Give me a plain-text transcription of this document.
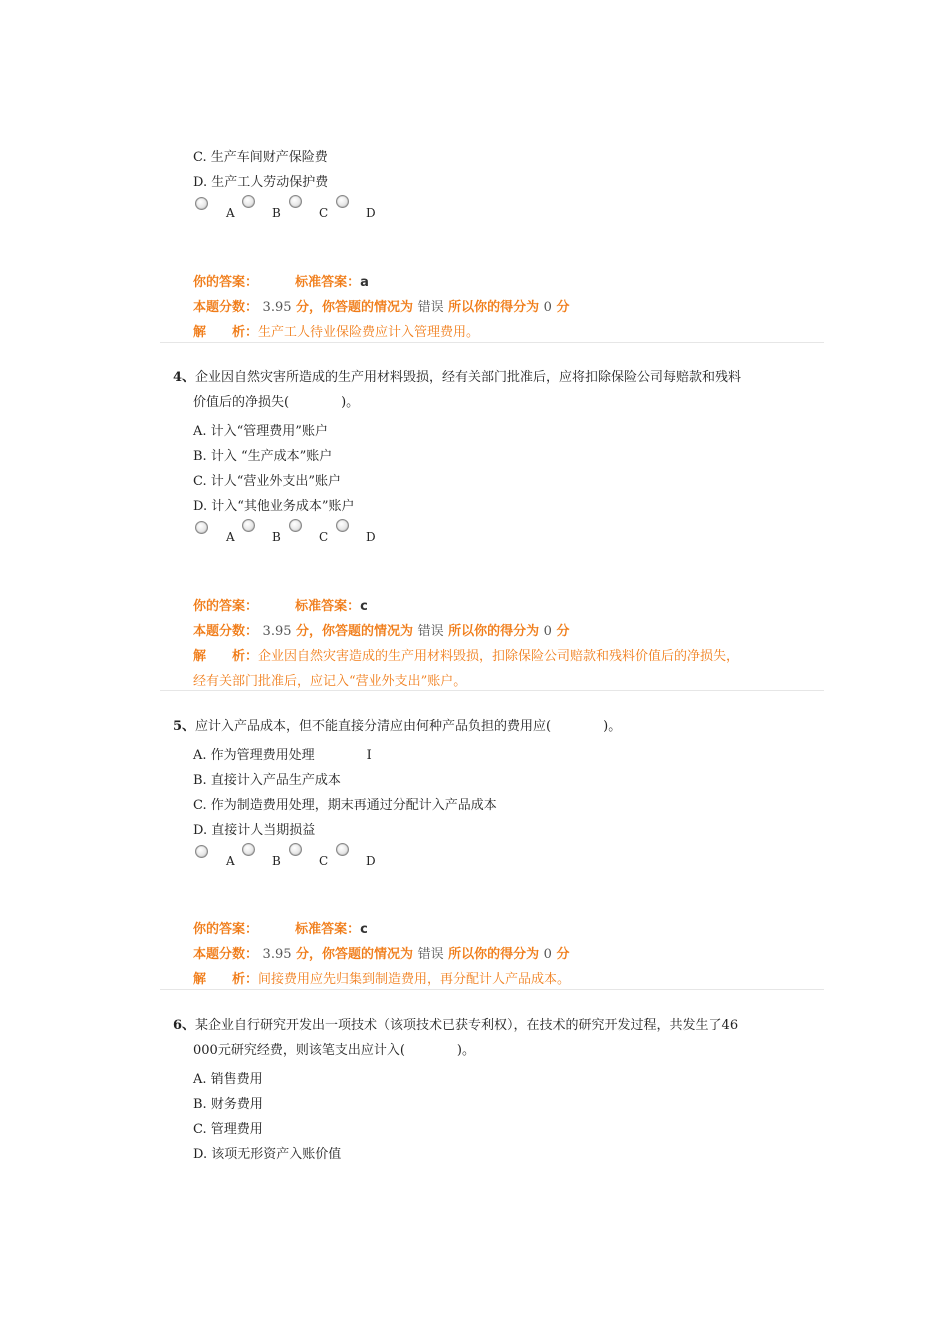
C. 生产车间财产保险费
D. 生产工人劳动保护费
A	B	C	D
你的答案：	标准答案：a
本题分数： 3.95 分，你答题的情况为 错误 所以你的得分为 0 分
解　　析：生产工人待业保险费应计入管理费用。
4、企业因自然灾害所造成的生产用材料毁损，经有关部门批准后，应将扣除保险公司每赔款和残料
价值后的净损失(　　　　)。
A. 计入“管理费用”账户
B. 计入 “生产成本”账户
C. 计人“营业外支出”账户
D. 计入“其他业务成本”账户
A	B	C	D
你的答案：	标准答案：c
本题分数： 3.95 分，你答题的情况为 错误 所以你的得分为 0 分
解　　析：企业因自然灾害造成的生产用材料毁损，扣除保险公司赔款和残料价值后的净损失，
经有关部门批准后，应记入“营业外支出”账户。
5、应计入产品成本，但不能直接分清应由何种产品负担的费用应(　　　　)。
A. 作为管理费用处理　　　　I
B. 直接计入产品生产成本
C. 作为制造费用处理，期末再通过分配计入产品成本
D. 直接计人当期损益
A	B	C	D
你的答案：	标准答案：c
本题分数： 3.95 分，你答题的情况为 错误 所以你的得分为 0 分
解　　析：间接费用应先归集到制造费用，再分配计人产品成本。
6、某企业自行研究开发出一项技术（该项技术已获专利权），在技术的研究开发过程，共发生了46
000元研究经费，则该笔支出应计入(　　　　)。
A. 销售费用
B. 财务费用
C. 管理费用
D. 该项无形资产入账价值
